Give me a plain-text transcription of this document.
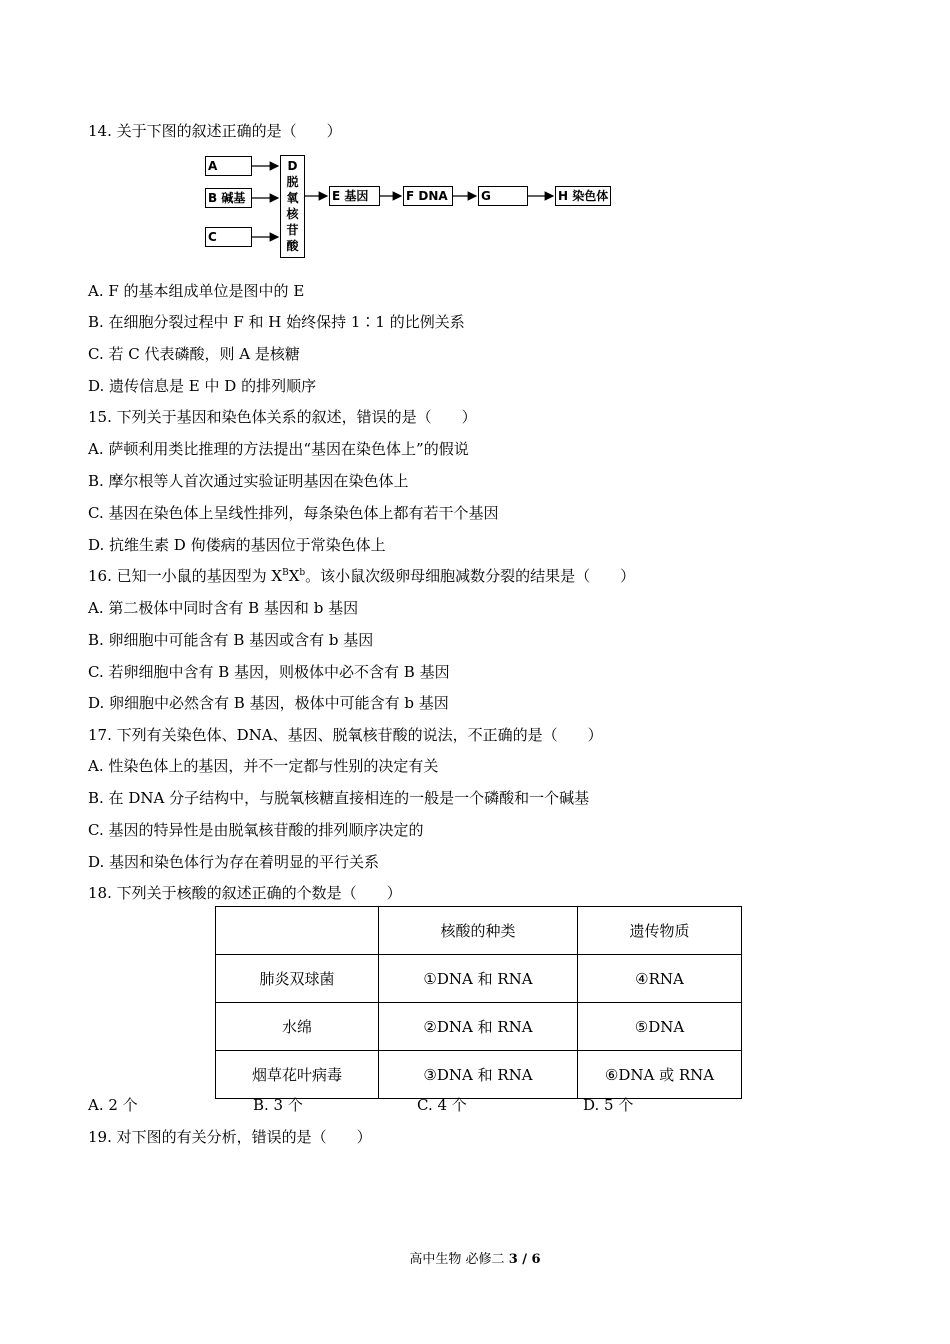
14. 关于下图的叙述正确的是（　　）
A
B 碱基
C
D
脱
氧
核
苷
酸
E 基因	F DNA	G	H 染色体
A. F 的基本组成单位是图中的 E
B. 在细胞分裂过程中 F 和 H 始终保持 1∶1 的比例关系
C. 若 C 代表磷酸，则 A 是核糖
D. 遗传信息是 E 中 D 的排列顺序
15. 下列关于基因和染色体关系的叙述，错误的是（　　）
A. 萨顿利用类比推理的方法提出“基因在染色体上”的假说
B. 摩尔根等人首次通过实验证明基因在染色体上
C. 基因在染色体上呈线性排列，每条染色体上都有若干个基因
D. 抗维生素 D 佝偻病的基因位于常染色体上
16. 已知一小鼠的基因型为 $X^BX^b$。该小鼠次级卵母细胞减数分裂的结果是（　　）
A. 第二极体中同时含有 B 基因和 b 基因
B. 卵细胞中可能含有 B 基因或含有 b 基因
C. 若卵细胞中含有 B 基因，则极体中必不含有 B 基因
D. 卵细胞中必然含有 B 基因，极体中可能含有 b 基因
17. 下列有关染色体、DNA、基因、脱氧核苷酸的说法，不正确的是（　　）
A. 性染色体上的基因，并不一定都与性别的决定有关
B. 在 DNA 分子结构中，与脱氧核糖直接相连的一般是一个磷酸和一个碱基
C. 基因的特异性是由脱氧核苷酸的排列顺序决定的
D. 基因和染色体行为存在着明显的平行关系
18. 下列关于核酸的叙述正确的个数是（　　）
	核酸的种类	遗传物质
肺炎双球菌	①DNA 和 RNA	④RNA
水绵	②DNA 和 RNA	⑤DNA
烟草花叶病毒	③DNA 和 RNA	⑥DNA 或 RNA
A. 2 个	B. 3 个	C. 4 个	D. 5 个
19. 对下图的有关分析，错误的是（　　）
高中生物 必修二 3 / 6
